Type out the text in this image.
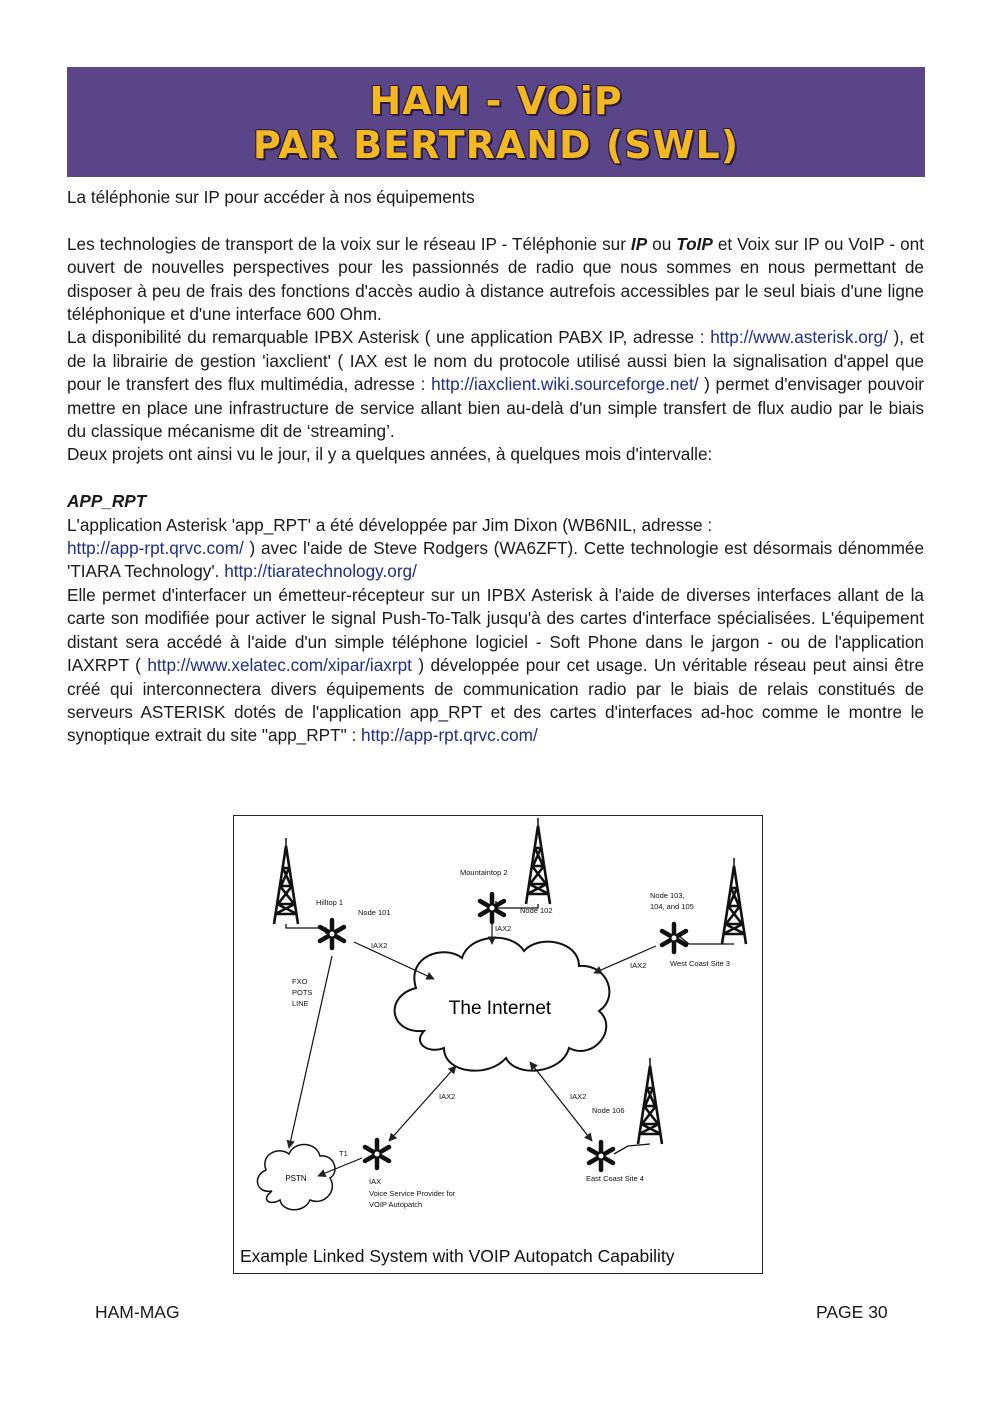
HAM - VOiP
PAR BERTRAND (SWL)

La téléphonie sur IP pour accéder à nos équipements

Les technologies de transport de la voix sur le réseau IP - Téléphonie sur IP ou ToIP et Voix sur IP ou VoIP - ont ouvert de nouvelles perspectives pour les passionnés de radio que nous sommes en nous permettant de disposer à peu de frais des fonctions d'accès audio à distance autrefois accessibles par le seul biais d'une ligne téléphonique et d'une interface 600 Ohm.

La disponibilité du remarquable IPBX Asterisk ( une application PABX IP, adresse : http://www.asterisk.org/ ), et de la librairie de gestion 'iaxclient' ( IAX est le nom du protocole utilisé aussi bien la signalisation d'appel que pour le transfert des flux multimédia, adresse : http://iaxclient.wiki.sourceforge.net/ ) permet d'envisager pouvoir mettre en place une infrastructure de service allant bien au-delà d'un simple transfert de flux audio par le biais du classique mécanisme dit de ‘streaming’.

Deux projets ont ainsi vu le jour, il y a quelques années, à quelques mois d'intervalle:

APP_RPT

L'application Asterisk 'app_RPT' a été développée par Jim Dixon (WB6NIL, adresse :
http://app-rpt.qrvc.com/ ) avec l'aide de Steve Rodgers (WA6ZFT). Cette technologie est désormais dénommée 'TIARA Technology'. http://tiaratechnology.org/

Elle permet d'interfacer un émetteur-récepteur sur un IPBX Asterisk à l'aide de diverses interfaces allant de la carte son modifiée pour activer le signal Push-To-Talk jusqu'à des cartes d'interface spécialisées. L'équipement distant sera accédé à l'aide d'un simple téléphone logiciel - Soft Phone dans le jargon - ou de l'application IAXRPT ( http://www.xelatec.com/xipar/iaxrpt ) développée pour cet usage. Un véritable réseau peut ainsi être créé qui interconnectera divers équipements de communication radio par le biais de relais constitués de serveurs ASTERISK dotés de l'application app_RPT et des cartes d'interfaces ad-hoc comme le montre le synoptique extrait du site "app_RPT" : http://app-rpt.qrvc.com/

The Internet
PSTN
Hilltop 1
Node 101
IAX2
Mountaintop 2
Node 102
IAX2
Node 103,
104, and 105
IAX2	West Coast Site 3
FXO
POTS
LINE
IAX2	IAX2
Node 106
T1
IAX
Voice Service Provider for
VOIP Autopatch
East Coast Site 4
Example Linked System with VOIP Autopatch Capability
HAM-MAG	PAGE 30
